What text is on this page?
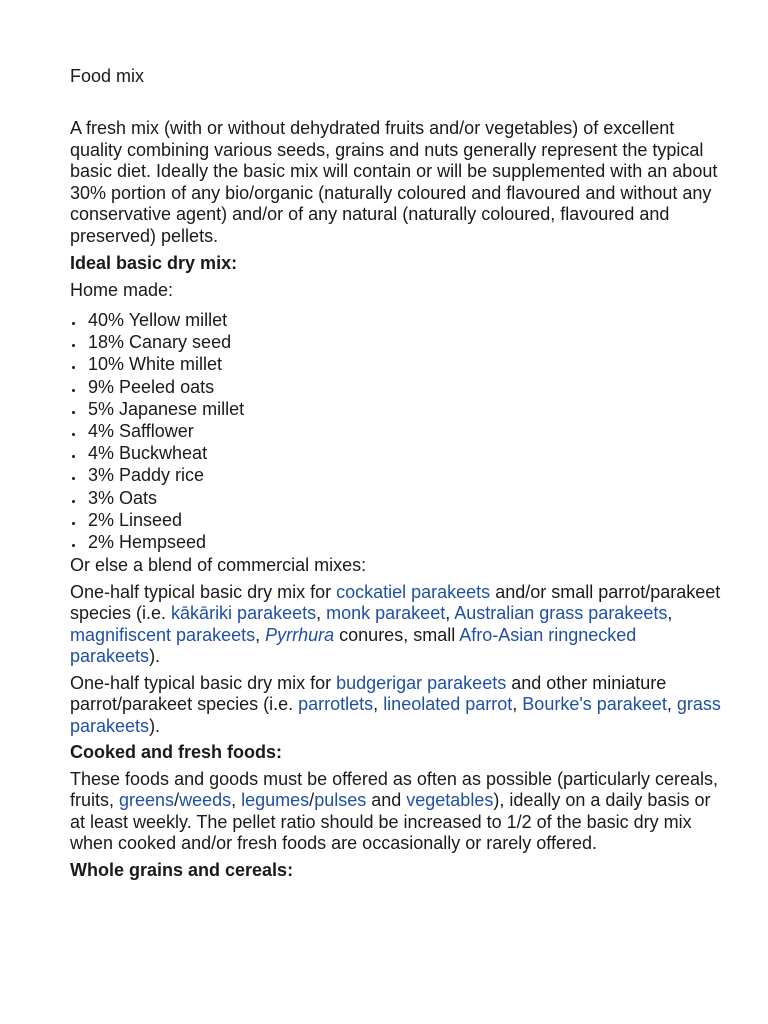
Food mix

A fresh mix (with or without dehydrated fruits and/or vegetables) of excellent quality combining various seeds, grains and nuts generally represent the typical basic diet. Ideally the basic mix will contain or will be supplemented with an about 30% portion of any bio/organic (naturally coloured and flavoured and without any conservative agent) and/or of any natural (naturally coloured, flavoured and preserved) pellets.

Ideal basic dry mix:

Home made:

40% Yellow millet
18% Canary seed
10% White millet
9% Peeled oats
5% Japanese millet
4% Safflower
4% Buckwheat
3% Paddy rice
3% Oats
2% Linseed
2% Hempseed

Or else a blend of commercial mixes:

One-half typical basic dry mix for cockatiel parakeets and/or small parrot/parakeet species (i.e. kākāriki parakeets, monk parakeet, Australian grass parakeets, magnifiscent parakeets, Pyrrhura conures, small Afro-Asian ringnecked parakeets).

One-half typical basic dry mix for budgerigar parakeets and other miniature parrot/parakeet species (i.e. parrotlets, lineolated parrot, Bourke's parakeet, grass parakeets).

Cooked and fresh foods:

These foods and goods must be offered as often as possible (particularly cereals, fruits, greens/weeds, legumes/pulses and vegetables), ideally on a daily basis or at least weekly. The pellet ratio should be increased to 1/2 of the basic dry mix when cooked and/or fresh foods are occasionally or rarely offered.

Whole grains and cereals:
